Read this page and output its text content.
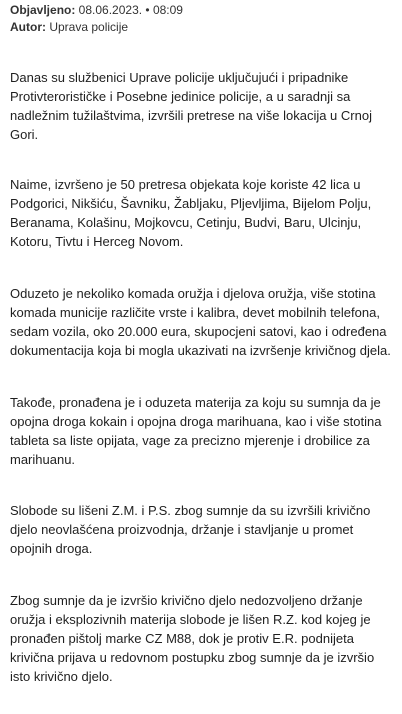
Objavljeno: 08.06.2023. • 08:09
Autor: Uprava policije

Danas su službenici Uprave policije uključujući i pripadnike Protivterorističke i Posebne jedinice policije, a u saradnji sa nadležnim tužilaštvima, izvršili pretrese na više lokacija u Crnoj Gori.

Naime, izvršeno je 50 pretresa objekata koje koriste 42 lica u Podgorici, Nikšiću, Šavniku, Žabljaku, Pljevljima, Bijelom Polju, Beranama, Kolašinu, Mojkovcu, Cetinju, Budvi, Baru, Ulcinju, Kotoru, Tivtu i Herceg Novom.

Oduzeto je nekoliko komada oružja i djelova oružja, više stotina komada municije različite vrste i kalibra, devet mobilnih telefona, sedam vozila, oko 20.000 eura, skupocjeni satovi, kao i određena dokumentacija koja bi mogla ukazivati na izvršenje krivičnog djela.

Takođe, pronađena je i oduzeta materija za koju su sumnja da je opojna droga kokain i opojna droga marihuana, kao i više stotina tableta sa liste opijata, vage za precizno mjerenje i drobilice za marihuanu.

Slobode su lišeni Z.M. i P.S. zbog sumnje da su izvršili krivično djelo neovlašćena proizvodnja, držanje i stavljanje u promet opojnih droga.

Zbog sumnje da je izvršio krivično djelo nedozvoljeno držanje oružja i eksplozivnih materija slobode je lišen R.Z. kod kojeg je pronađen pištolj marke CZ M88, dok je protiv E.R. podnijeta krivična prijava u redovnom postupku zbog sumnje da je izvršio isto krivično djelo.
